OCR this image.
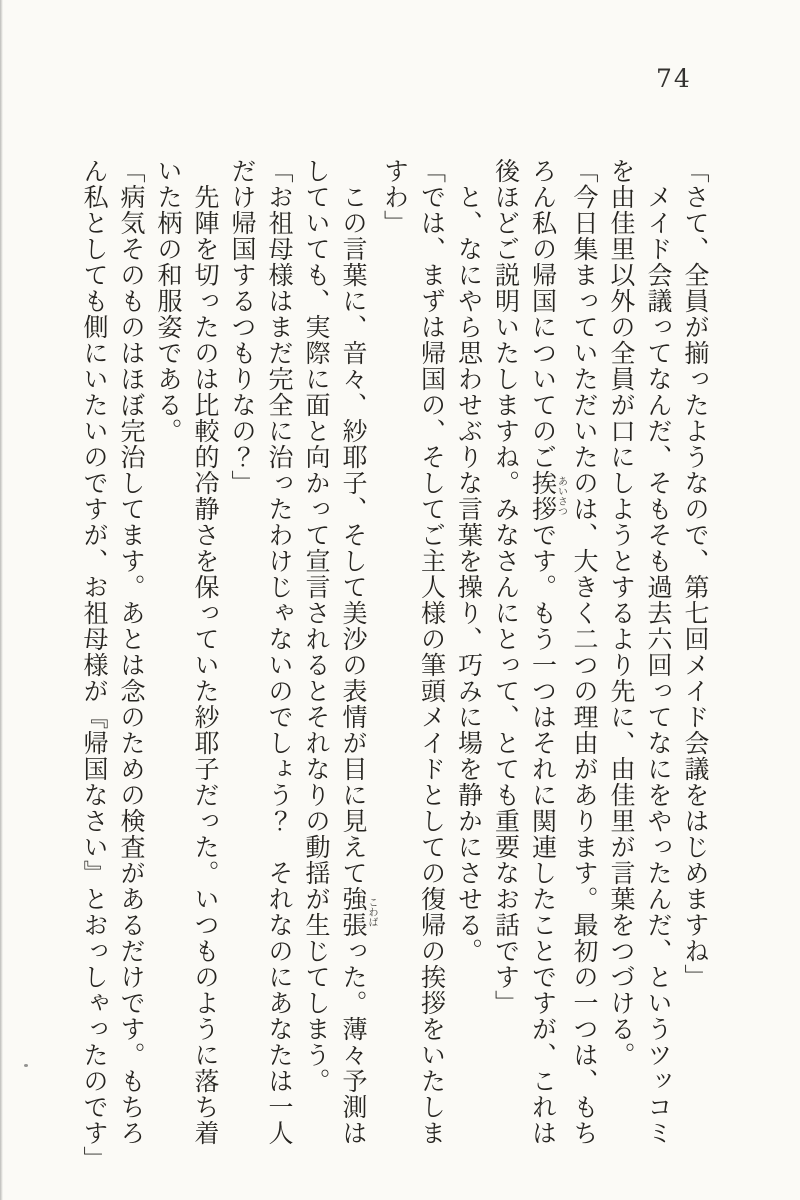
74
「さて、全員が揃ったようなので、第七回メイド会議をはじめますね」
　メイド会議ってなんだ、そもそも過去六回ってなにをやったんだ、というツッコミ
を由佳里以外の全員が口にしようとするより先に、由佳里が言葉をつづける。
「今日集まっていただいたのは、大きく二つの理由があります。最初の一つは、もち
ろん私の帰国についてのご挨拶あいさつです。もう一つはそれに関連したことですが、これは
後ほどご説明いたしますね。みなさんにとって、とても重要なお話です」
　と、なにやら思わせぶりな言葉を操り、巧みに場を静かにさせる。
「では、まずは帰国の、そしてご主人様の筆頭メイドとしての復帰の挨拶をいたしま
すわ」
　この言葉に、音々、紗耶子、そして美沙の表情が目に見えて強張こわばった。薄々予測は
していても、実際に面と向かって宣言されるとそれなりの動揺が生じてしまう。
「お祖母様はまだ完全に治ったわけじゃないのでしょう？　それなのにあなたは一人
だけ帰国するつもりなの？」
　先陣を切ったのは比較的冷静さを保っていた紗耶子だった。いつものように落ち着
いた柄の和服姿である。
「病気そのものはほぼ完治してます。あとは念のための検査があるだけです。もちろ
ん私としても側にいたいのですが、お祖母様が『帰国なさい』とおっしゃったのです」
